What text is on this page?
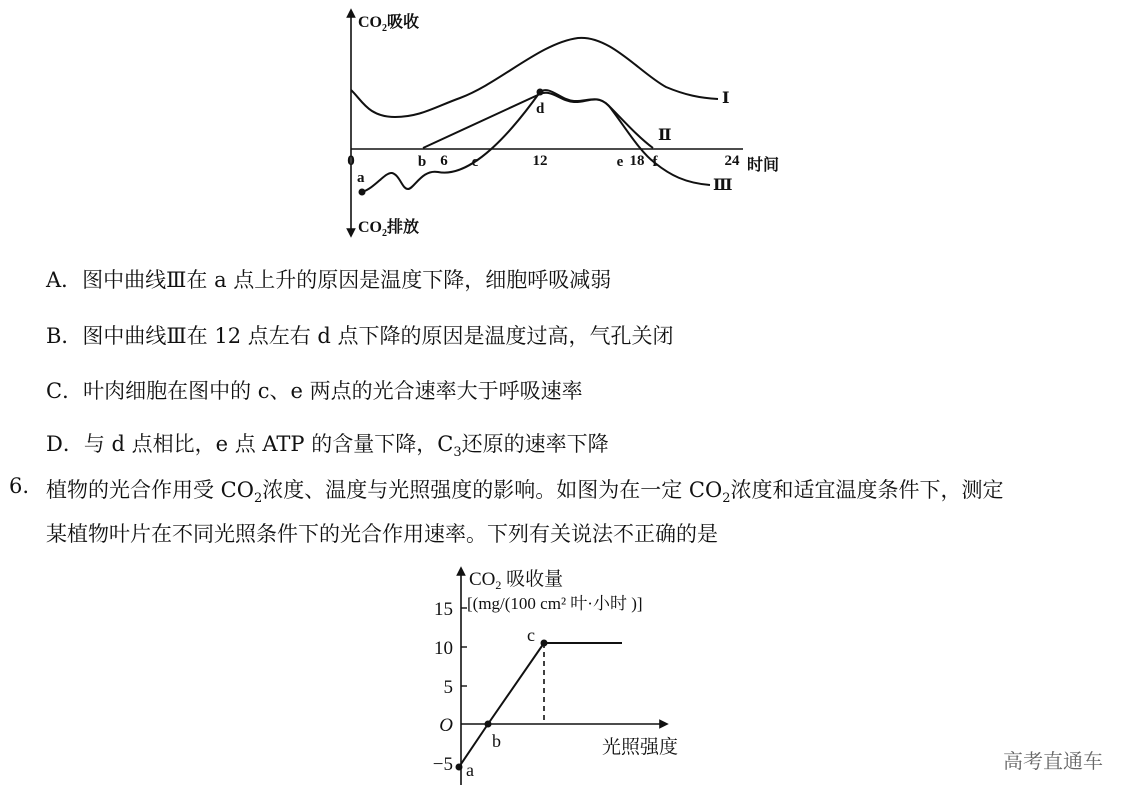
0	b 6 c	12	e 18 f	24 时间
a
d
Ⅰ
Ⅱ
Ⅲ
$CO_2$吸收
$CO_2$排放
A．图中曲线Ⅲ在 a 点上升的原因是温度下降，细胞呼吸减弱
B．图中曲线Ⅲ在 12 点左右 d 点下降的原因是温度过高，气孔关闭
C．叶肉细胞在图中的 c、e 两点的光合速率大于呼吸速率
D．与 d 点相比，e 点 ATP 的含量下降，$C_3$还原的速率下降
6. 植物的光合作用受 $CO_2$浓度、温度与光照强度的影响。如图为在一定 $CO_2$浓度和适宜温度条件下，测定
某植物叶片在不同光照条件下的光合作用速率。下列有关说法不正确的是
15
10
5
O
−5 a
b
c
$CO_2$ 吸收量
[(mg/(100 cm² 叶·小时 )]
光照强度
高考直通车
